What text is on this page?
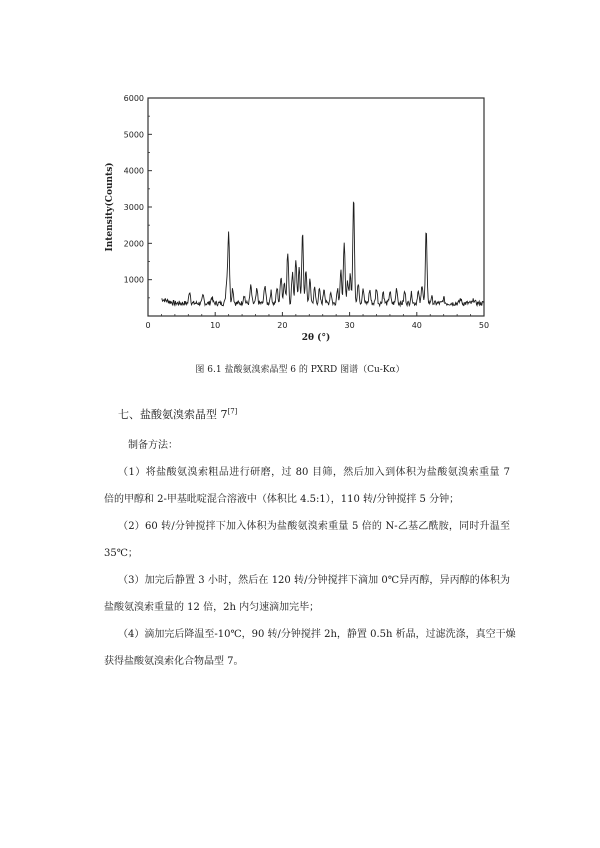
0	10	20	30	40	50
1000
2000
3000
4000
5000
6000
2θ (°)
Intensity(Counts)
图 6.1 盐酸氨溴索晶型 6 的 PXRD 图谱（Cu-Kα）
七、盐酸氨溴索晶型 7[7]
制备方法：
（1）将盐酸氨溴索粗品进行研磨，过 80 目筛，然后加入到体积为盐酸氨溴索重量 7
倍的甲醇和 2-甲基吡啶混合溶液中（体积比 4.5:1），110 转/分钟搅拌 5 分钟；
（2）60 转/分钟搅拌下加入体积为盐酸氨溴索重量 5 倍的 N-乙基乙酰胺，同时升温至
35℃；
（3）加完后静置 3 小时，然后在 120 转/分钟搅拌下滴加 0℃异丙醇，异丙醇的体积为
盐酸氨溴索重量的 12 倍，2h 内匀速滴加完毕；
（4）滴加完后降温至-10℃，90 转/分钟搅拌 2h，静置 0.5h 析晶，过滤洗涤，真空干燥
获得盐酸氨溴索化合物晶型 7。
